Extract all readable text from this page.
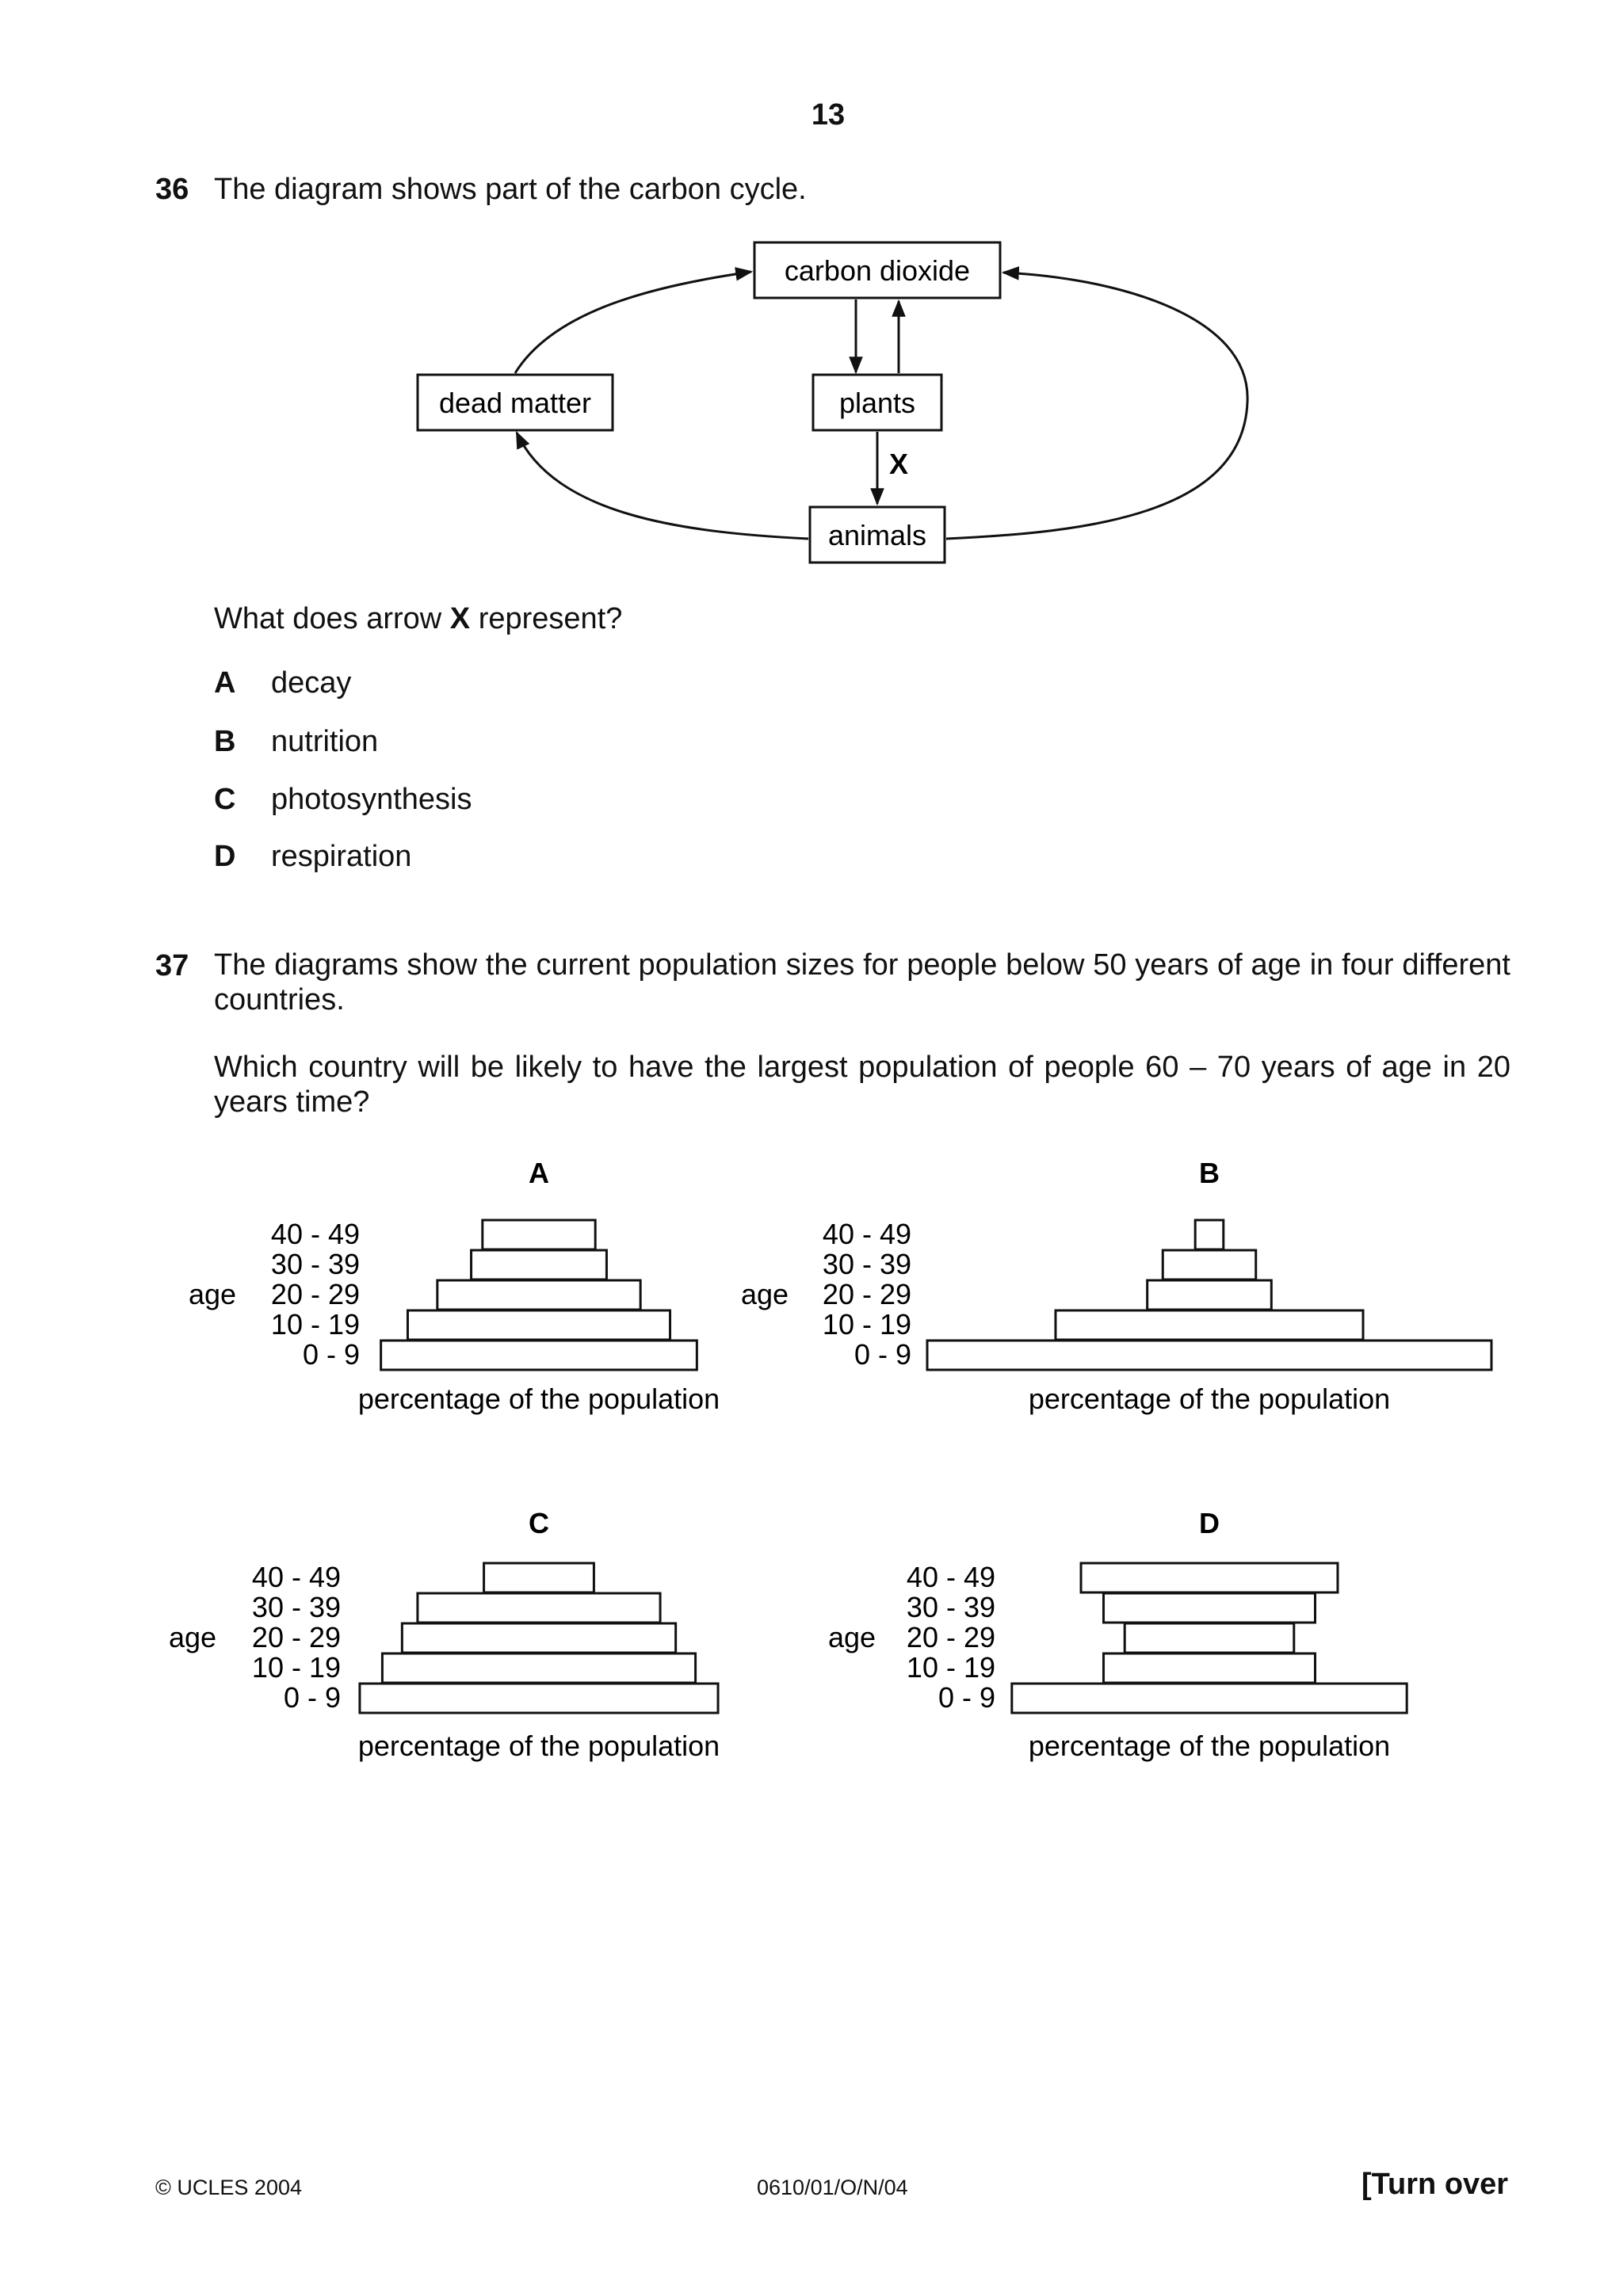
13
36 The diagram shows part of the carbon cycle.
carbon dioxide
dead matter	plants
animals
X
What does arrow X represent?
A decay
B nutrition
C photosynthesis
D respiration
37 The diagrams show the current population sizes for people below 50 years of age in four different countries.
Which country will be likely to have the largest population of people 60 – 70 years of age in 20 years time?
A
40 - 49
30 - 39
20 - 29
10 - 19
0 - 9
age
percentage of the population
B
40 - 49
30 - 39
20 - 29
10 - 19
0 - 9
age
percentage of the population
C
40 - 49
30 - 39
20 - 29
10 - 19
0 - 9
age
percentage of the population
D
40 - 49
30 - 39
20 - 29
10 - 19
0 - 9
age
percentage of the population
© UCLES 2004	0610/01/O/N/04	[Turn over
